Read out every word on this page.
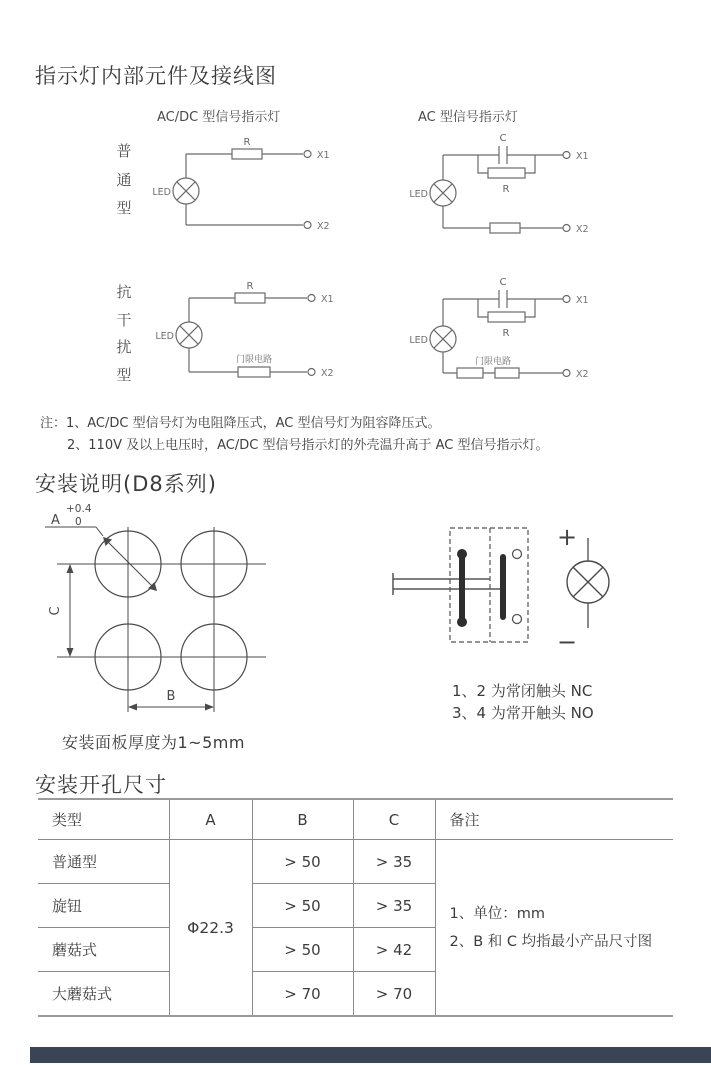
指示灯内部元件及接线图
安装说明(D8系列)
安装开孔尺寸
AC/DC 型信号指示灯	AC 型信号指示灯
普
通
型
抗
干
扰
型
注：1、AC/DC 型信号灯为电阻降压式，AC 型信号灯为阻容降压式。
2、110V 及以上电压时，AC/DC 型信号指示灯的外壳温升高于 AC 型信号指示灯。
安装面板厚度为1~5mm
1、2 为常闭触头 NC
3、4 为常开触头 NO
R
X1
X2
LED
C
R
X1
X2
LED
R
门限电路
X1
X2
LED
C
R
门限电路
X1
X2
LED
A
+0.4
0
B
C
+
−
类型	A	B	C	备注
普通型	Φ22.3	> 50	> 35	1、单位：mm
2、B 和 C 均指最小产品尺寸图

旋钮		> 50	> 35	
蘑菇式		> 50	> 42	
大蘑菇式		> 70	> 70	
